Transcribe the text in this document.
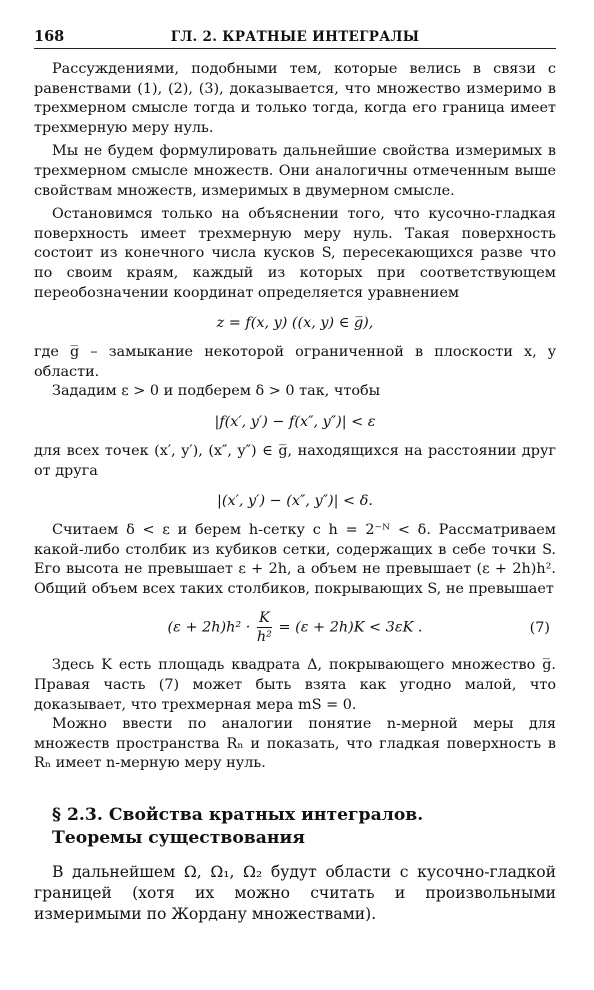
168	ГЛ. 2. КРАТНЫЕ ИНТЕГРАЛЫ

Рассуждениями, подобными тем, которые велись в связи с равенствами (1), (2), (3), доказывается, что множество измеримо в трехмерном смысле тогда и только тогда, когда его граница имеет трехмерную меру нуль.

Мы не будем формулировать дальнейшие свойства измеримых в трехмерном смысле множеств. Они аналогичны отмеченным выше свойствам множеств, измеримых в двумерном смысле.

Остановимся только на объяснении того, что кусочно-гладкая поверхность имеет трехмерную меру нуль. Такая поверхность состоит из конечного числа кусков S, пересекающихся разве что по своим краям, каждый из которых при соответствующем переобозначении координат определяется уравнением

z = f(x, y) ((x, y) ∈ g̅),

где g̅ – замыкание некоторой ограниченной в плоскости x, y области.

Зададим ε > 0 и подберем δ > 0 так, чтобы

|f(x′, y′) − f(x″, y″)| < ε

для всех точек (x′, y′), (x″, y″) ∈ g̅, находящихся на расстоянии друг от друга

|(x′, y′) − (x″, y″)| < δ.

Считаем δ < ε и берем h-сетку с h = 2⁻ᴺ < δ. Рассматриваем какой-либо столбик из кубиков сетки, содержащих в себе точки S. Его высота не превышает ε + 2h, а объем не превышает (ε + 2h)h². Общий объем всех таких столбиков, покрывающих S, не превышает

$(\varepsilon + 2h)h^2 \cdot \frac{K}{\text{h²}} = (\varepsilon + 2h)K < 3\varepsilon K$ .	(7)

Здесь K есть площадь квадрата Δ, покрывающего множество g̅. Правая часть (7) может быть взята как угодно малой, что доказывает, что трехмерная мера mS = 0.

Можно ввести по аналогии понятие n-мерной меры для множеств пространства Rₙ и показать, что гладкая поверхность в Rₙ имеет n-мерную меру нуль.

§ 2.3. Свойства кратных интегралов.
Теоремы существования

В дальнейшем Ω, Ω₁, Ω₂ будут области с кусочно-гладкой границей (хотя их можно считать и произвольными измеримыми по Жордану множествами).
